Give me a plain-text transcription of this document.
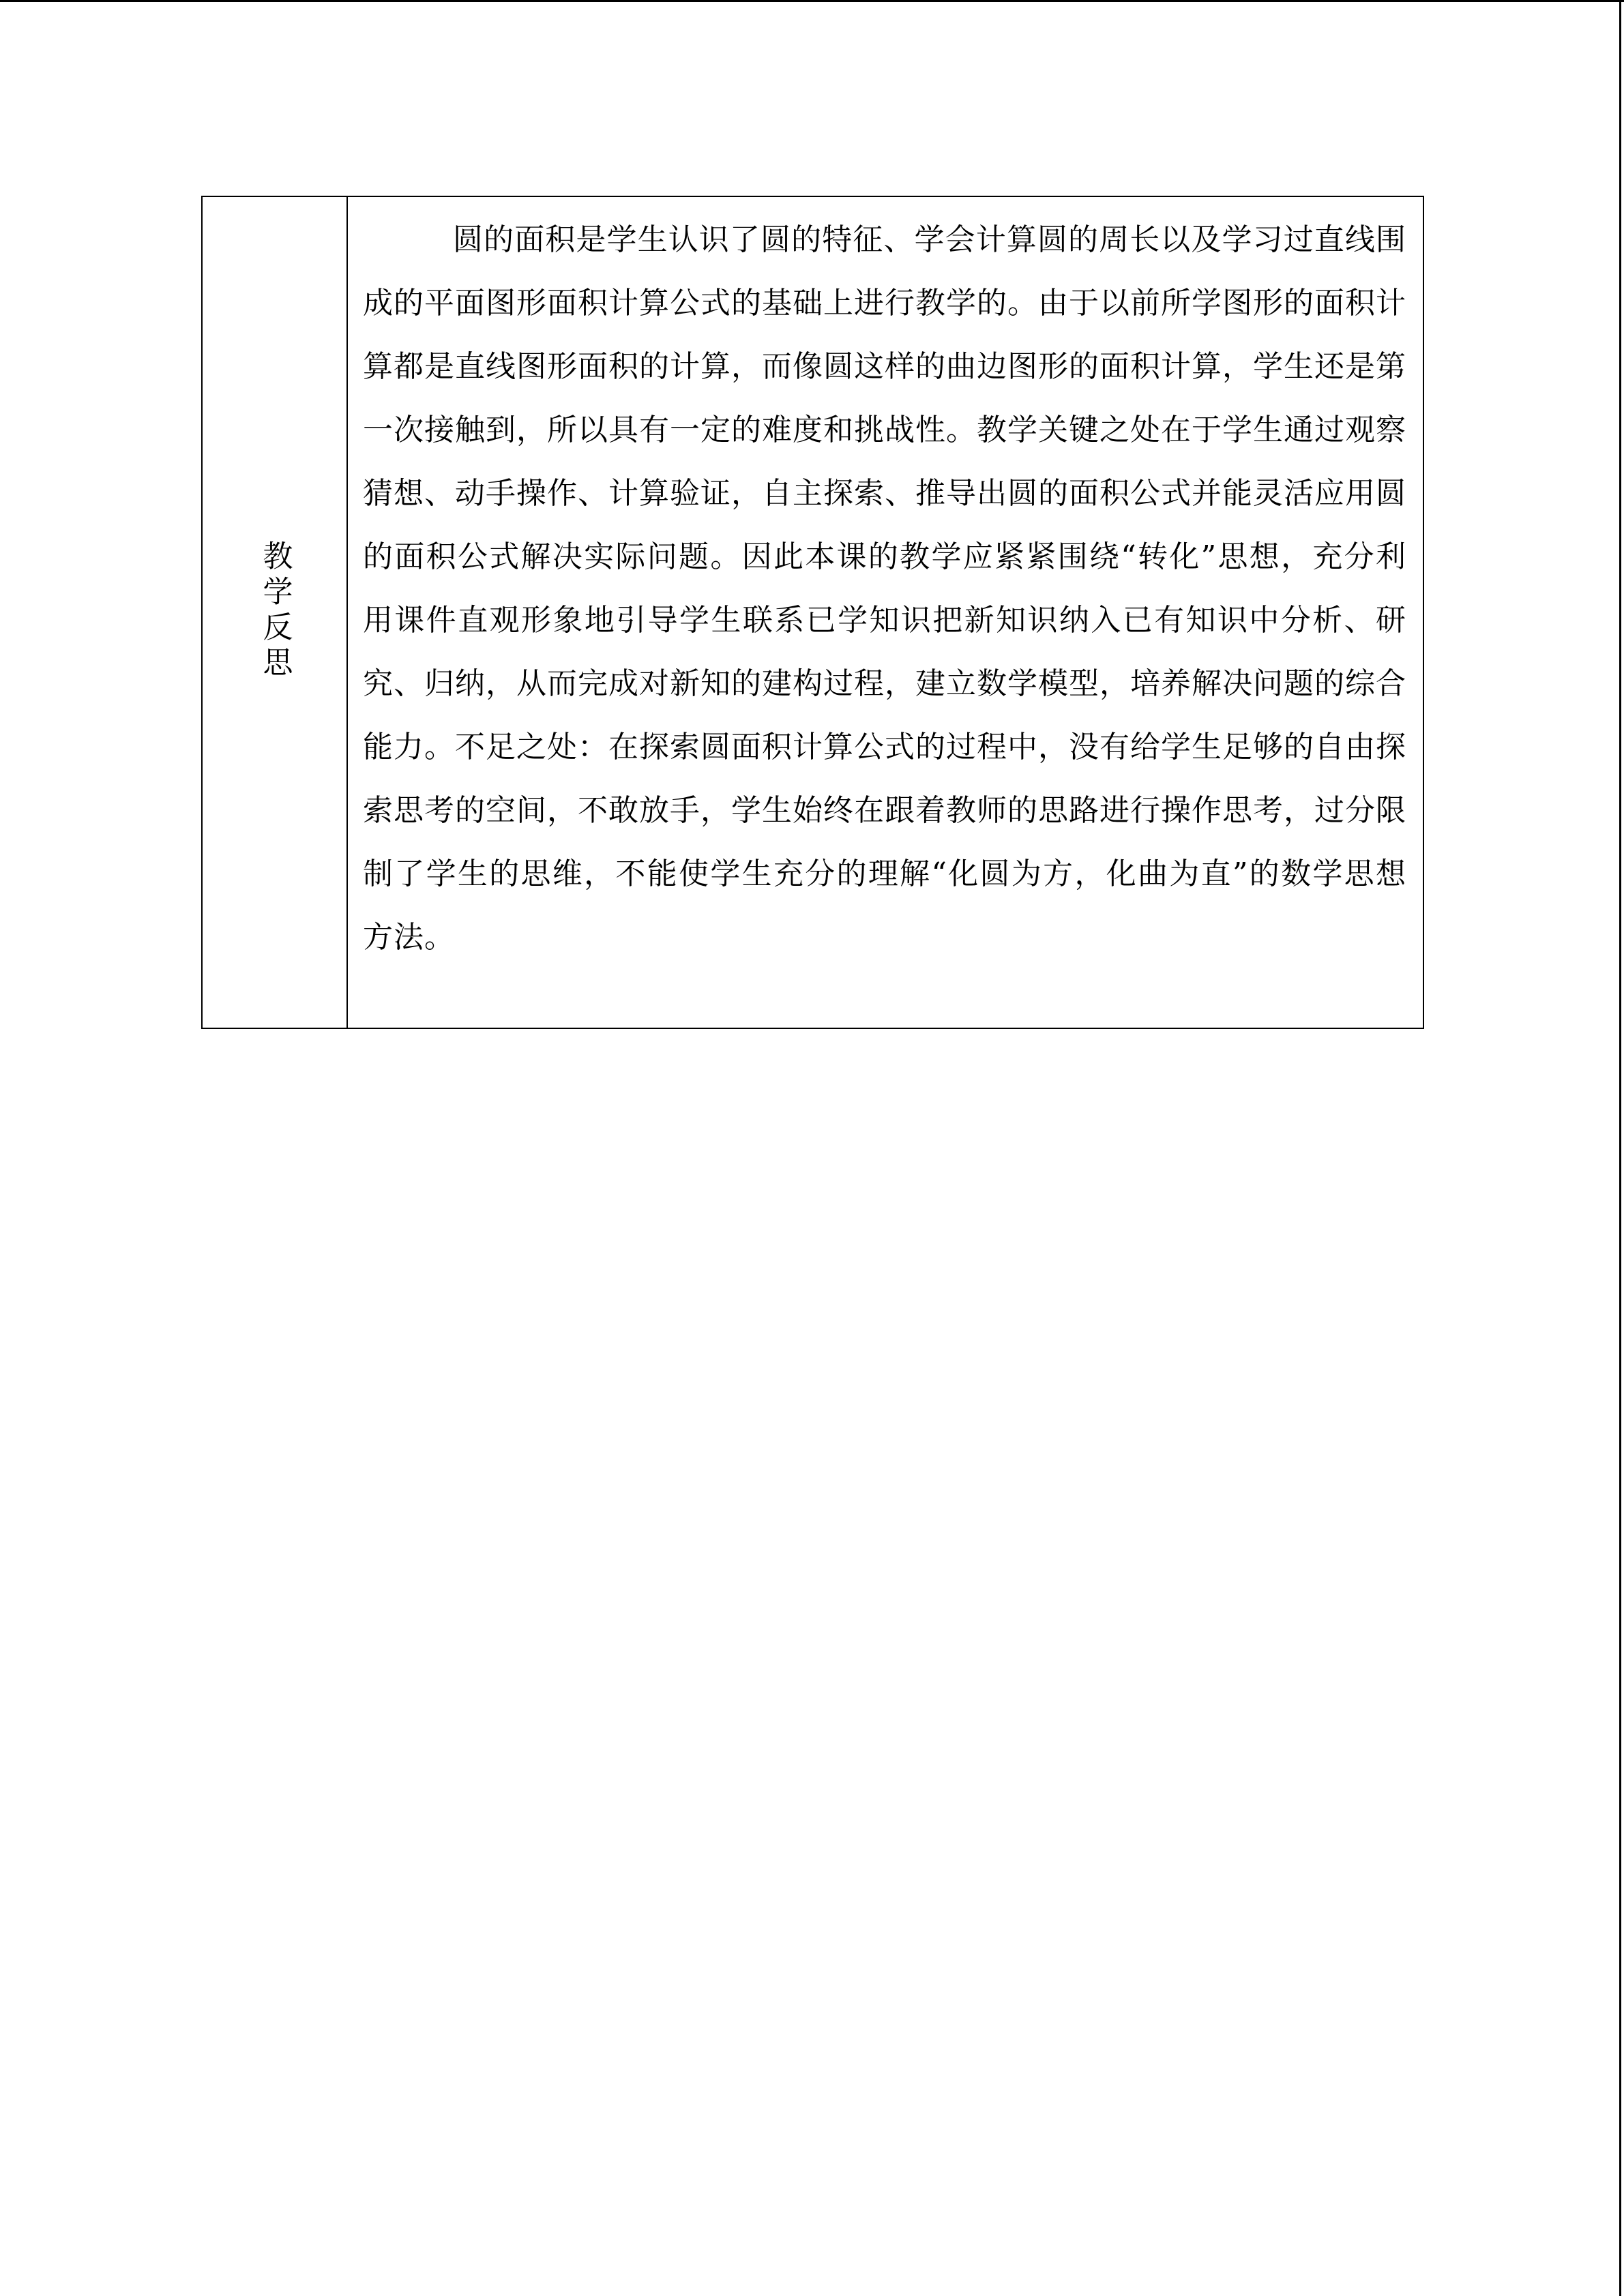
教学反思	

圆的面积是学生认识了圆的特征、学会计算圆的周长以及学习过直线围成的平面图形面积计算公式的基础上进行教学的。由于以前所学图形的面积计算都是直线图形面积的计算，而像圆这样的曲边图形的面积计算，学生还是第一次接触到，所以具有一定的难度和挑战性。教学关键之处在于学生通过观察猜想、动手操作、计算验证，自主探索、推导出圆的面积公式并能灵活应用圆的面积公式解决实际问题。因此本课的教学应紧紧围绕“转化”思想，充分利用课件直观形象地引导学生联系已学知识把新知识纳入已有知识中分析、研究、归纳，从而完成对新知的建构过程，建立数学模型，培养解决问题的综合能力。不足之处：在探索圆面积计算公式的过程中，没有给学生足够的自由探索思考的空间，不敢放手，学生始终在跟着教师的思路进行操作思考，过分限制了学生的思维，不能使学生充分的理解“化圆为方，化曲为直”的数学思想方法。
